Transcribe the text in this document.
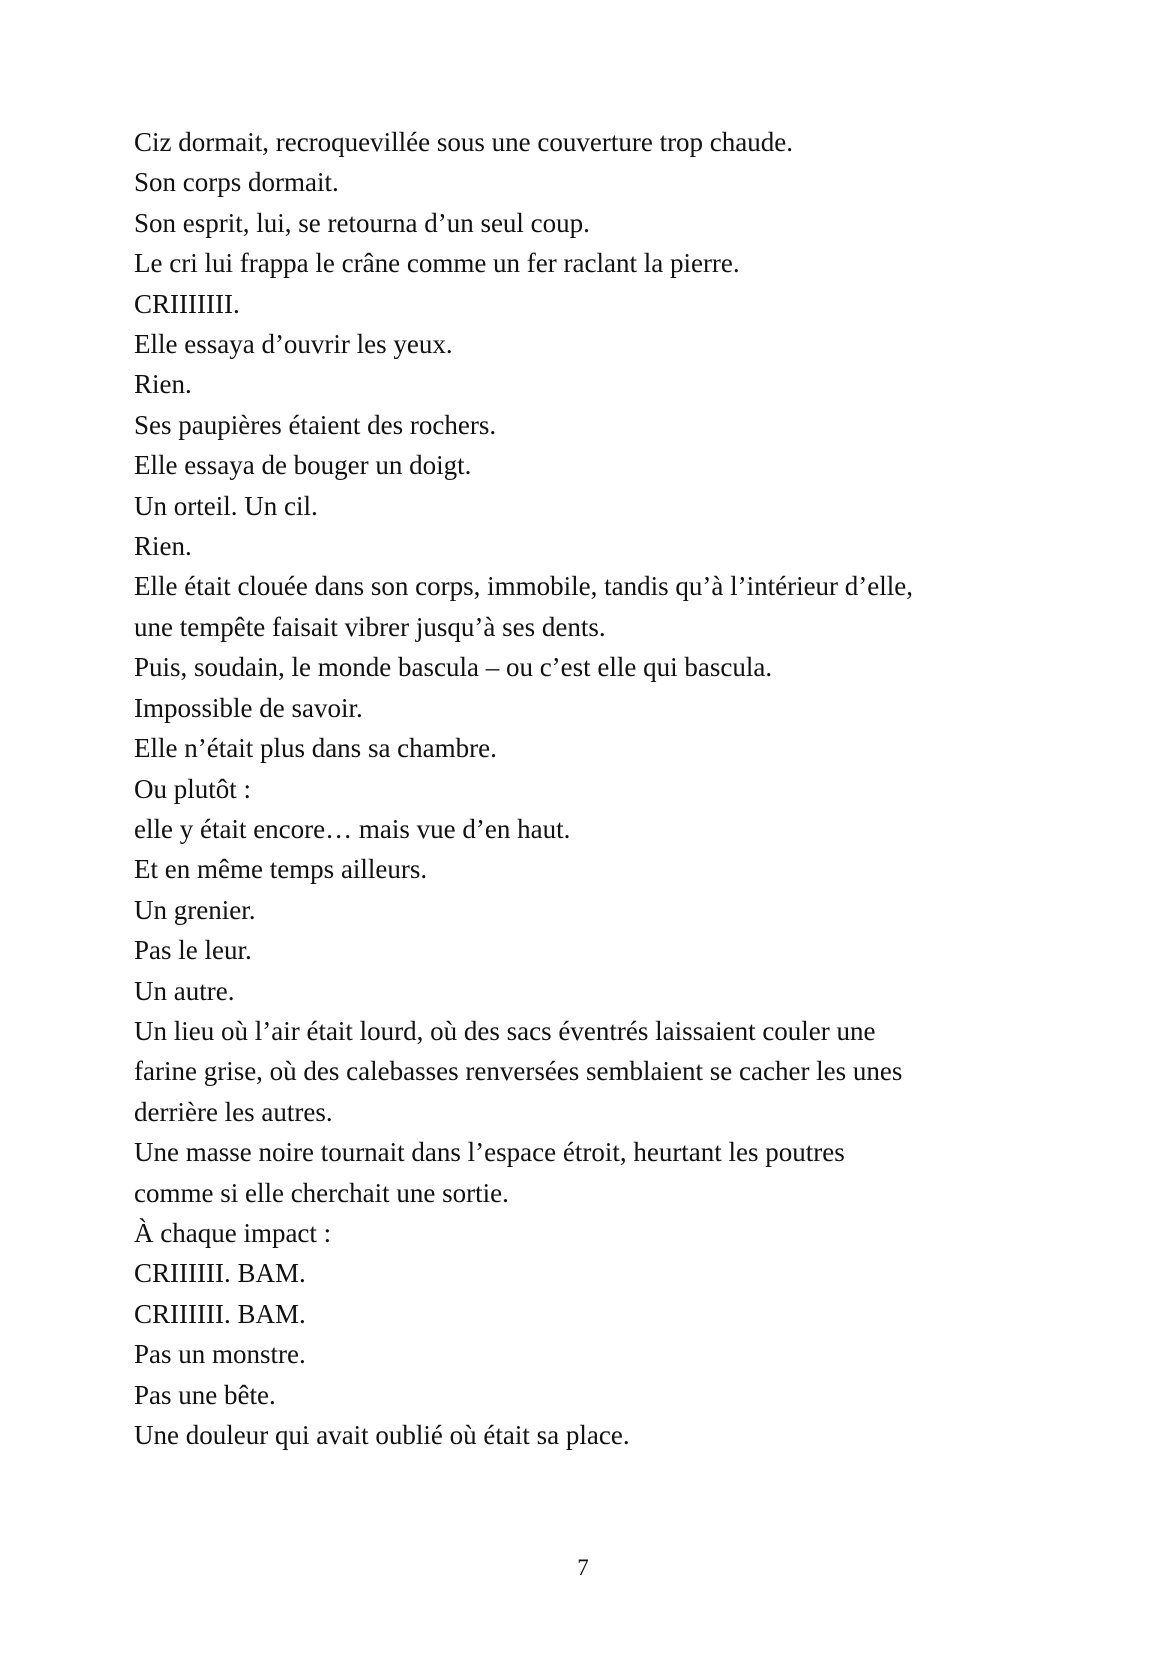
Ciz dormait, recroquevillée sous une couverture trop chaude.
Son corps dormait.
Son esprit, lui, se retourna d’un seul coup.
Le cri lui frappa le crâne comme un fer raclant la pierre.
CRIIIIIII.
Elle essaya d’ouvrir les yeux.
Rien.
Ses paupières étaient des rochers.
Elle essaya de bouger un doigt.
Un orteil. Un cil.
Rien.
Elle était clouée dans son corps, immobile, tandis qu’à l’intérieur d’elle,
une tempête faisait vibrer jusqu’à ses dents.
Puis, soudain, le monde bascula – ou c’est elle qui bascula.
Impossible de savoir.
Elle n’était plus dans sa chambre.
Ou plutôt :
elle y était encore… mais vue d’en haut.
Et en même temps ailleurs.
Un grenier.
Pas le leur.
Un autre.
Un lieu où l’air était lourd, où des sacs éventrés laissaient couler une
farine grise, où des calebasses renversées semblaient se cacher les unes
derrière les autres.
Une masse noire tournait dans l’espace étroit, heurtant les poutres
comme si elle cherchait une sortie.
À chaque impact :
CRIIIIII. BAM.
CRIIIIII. BAM.
Pas un monstre.
Pas une bête.
Une douleur qui avait oublié où était sa place.
7
